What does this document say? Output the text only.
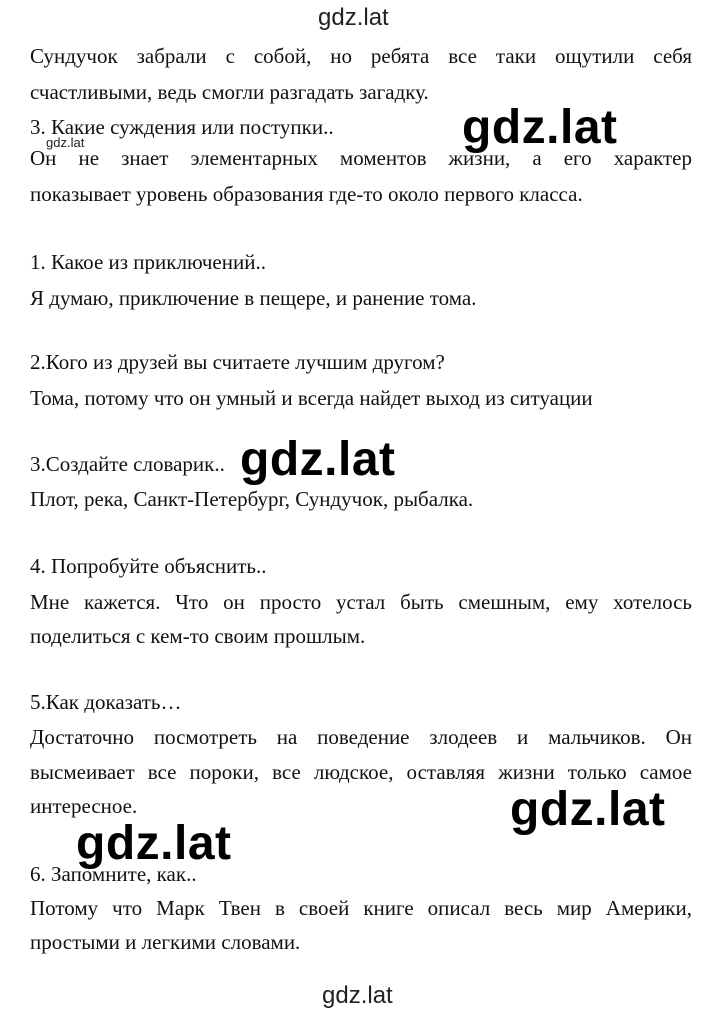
gdz.lat
Сундучок забрали с собой, но ребята все таки ощутили себя
счастливыми, ведь смогли разгадать загадку.
3. Какие суждения или поступки..
gdz.lat	gdz.lat
Он не знает элементарных моментов жизни, а его характер
показывает уровень образования где-то около первого класса.
1. Какое из приключений..
Я думаю, приключение в пещере, и ранение тома.
2.Кого из друзей вы считаете лучшим другом?
Тома, потому что он умный и всегда найдет выход из ситуации
3.Создайте словарик.. gdz.lat
Плот, река, Санкт-Петербург, Сундучок, рыбалка.
4. Попробуйте объяснить..
Мне кажется. Что он просто устал быть смешным, ему хотелось
поделиться с кем-то своим прошлым.
5.Как доказать…
Достаточно посмотреть на поведение злодеев и мальчиков. Он
высмеивает все пороки, все людское, оставляя жизни только самое
интересное.	gdz.lat
gdz.lat
6. Запомните, как..
Потому что Марк Твен в своей книге описал весь мир Америки,
простыми и легкими словами.
gdz.lat
